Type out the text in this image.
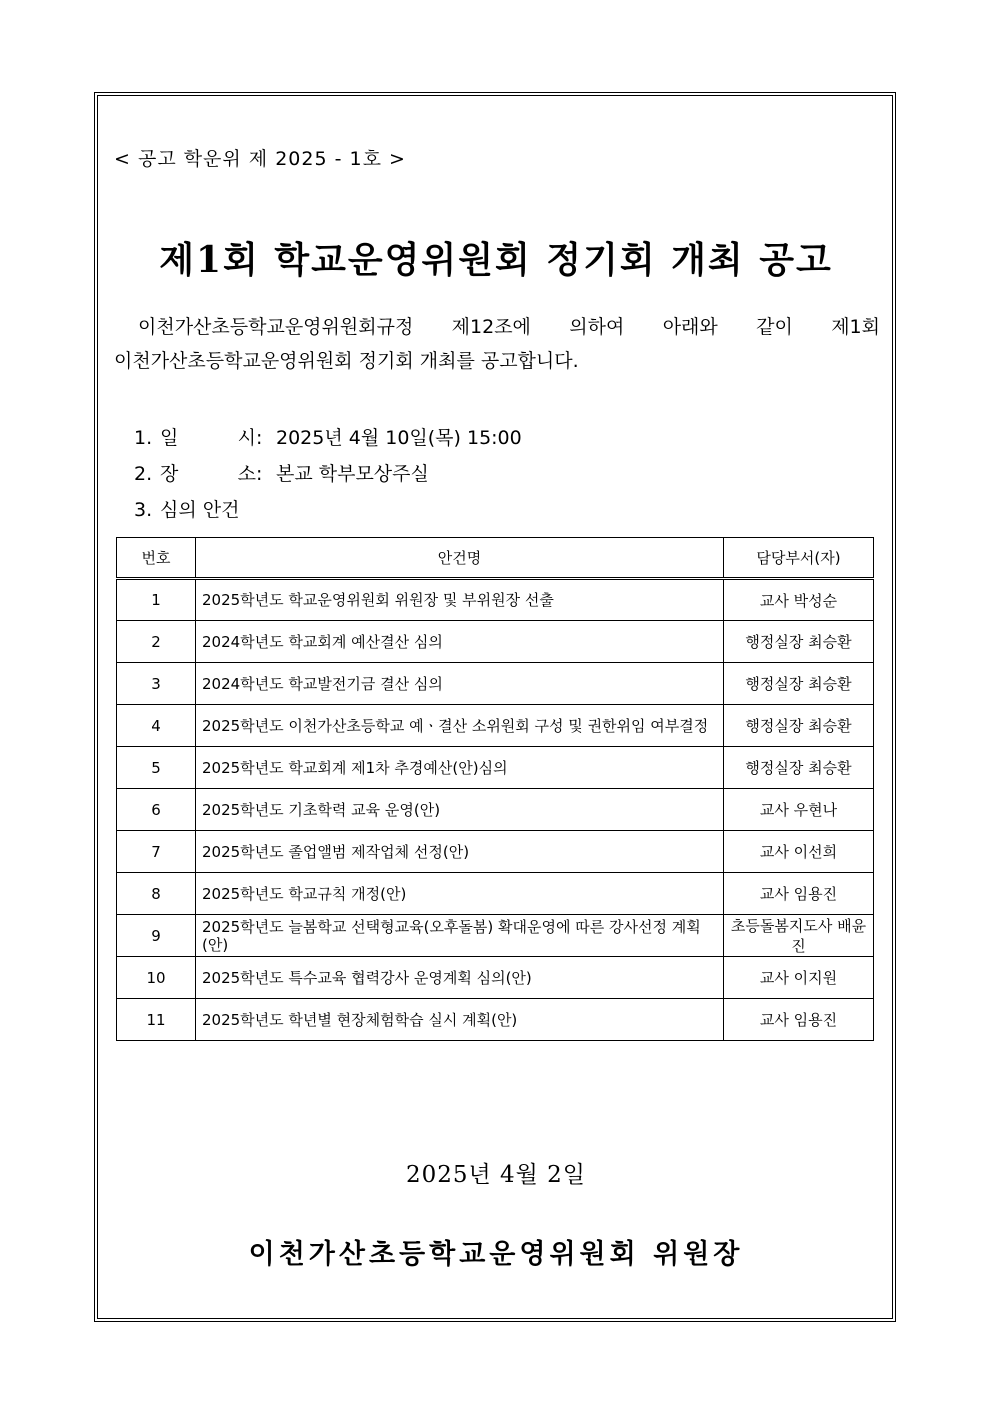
< 공고 학운위 제 2025 - 1호 >
제1회 학교운영위원회 정기회 개최 공고
이천가산초등학교운영위원회규정 제12조에 의하여 아래와 같이 제1회
이천가산초등학교운영위원회 정기회 개최를 공고합니다.
1. 일	시 : 2025년 4월 10일(목) 15:00
2. 장	소 : 본교 학부모상주실
3. 심의 안건
번호	안건명	담당부서(자)
1	2025학년도 학교운영위원회 위원장 및 부위원장 선출	교사 박성순
2	2024학년도 학교회계 예산결산 심의	행정실장 최승환
3	2024학년도 학교발전기금 결산 심의	행정실장 최승환
4	2025학년도 이천가산초등학교 예ㆍ결산 소위원회 구성 및 권한위임 여부결정	행정실장 최승환
5	2025학년도 학교회계 제1차 추경예산(안)심의	행정실장 최승환
6	2025학년도 기초학력 교육 운영(안)	교사 우현나
7	2025학년도 졸업앨범 제작업체 선정(안)	교사 이선희
8	2025학년도 학교규칙 개정(안)	교사 임용진
9	2025학년도 늘봄학교 선택형교육(오후돌봄) 확대운영에 따른 강사선정 계획(안)	초등돌봄지도사 배윤진
10	2025학년도 특수교육 협력강사 운영계획 심의(안)	교사 이지원
11	2025학년도 학년별 현장체험학습 실시 계획(안)	교사 임용진
2025년 4월 2일
이천가산초등학교운영위원회 위원장
